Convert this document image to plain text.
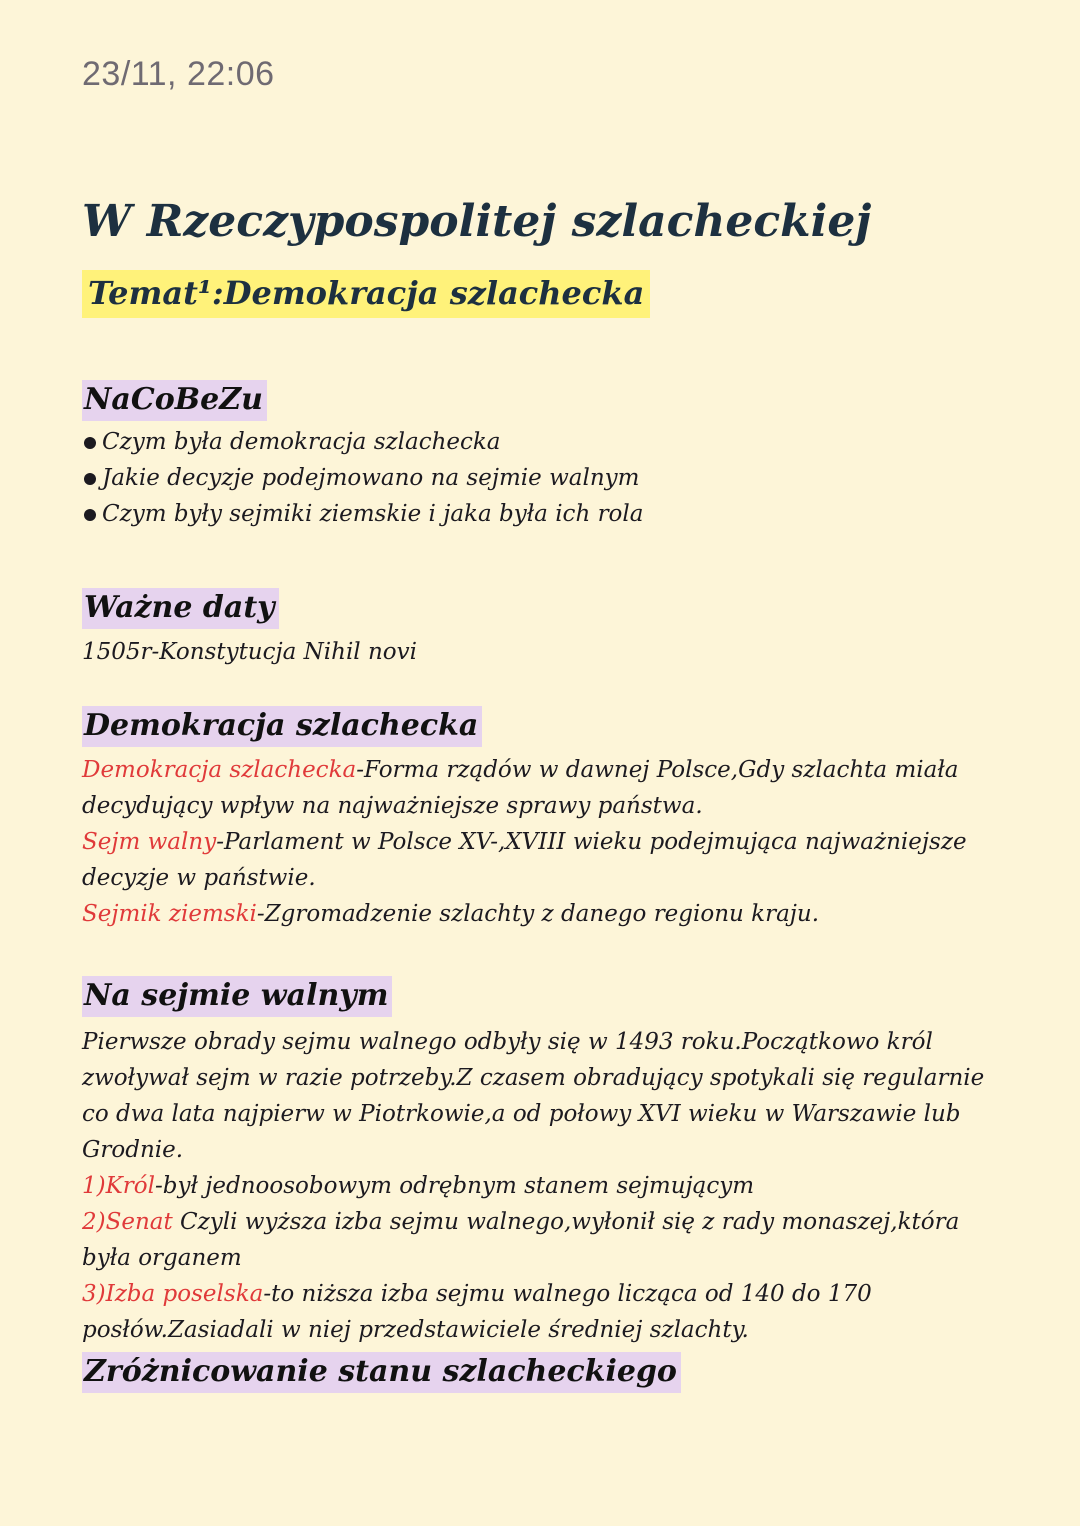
23/11, 22:06
W Rzeczypospolitej szlacheckiej
Temat¹:Demokracja szlachecka
NaCoBeZu
Czym była demokracja szlachecka
Jakie decyzje podejmowano na sejmie walnym
Czym były sejmiki ziemskie i jaka była ich rola
Ważne daty
1505r-Konstytucja Nihil novi
Demokracja szlachecka

Demokracja szlachecka-Forma rządów w dawnej Polsce,Gdy szlachta miała decydujący wpływ na najważniejsze sprawy państwa.

Sejm walny-Parlament w Polsce XV-,XVIII wieku podejmująca najważniejsze decyzje w państwie.

Sejmik ziemski-Zgromadzenie szlachty z danego regionu kraju.

Na sejmie walnym

Pierwsze obrady sejmu walnego odbyły się w 1493 roku.Początkowo król zwoływał sejm w razie potrzeby.Z czasem obradujący spotykali się regularnie co dwa lata najpierw w Piotrkowie,a od połowy XVI wieku w Warszawie lub Grodnie.

1)Król-był jednoosobowym odrębnym stanem sejmującym

2)Senat Czyli wyższa izba sejmu walnego,wyłonił się z rady monaszej,która była organem

3)Izba poselska-to niższa izba sejmu walnego licząca od 140 do 170 posłów.Zasiadali w niej przedstawiciele średniej szlachty.

Zróżnicowanie stanu szlacheckiego
